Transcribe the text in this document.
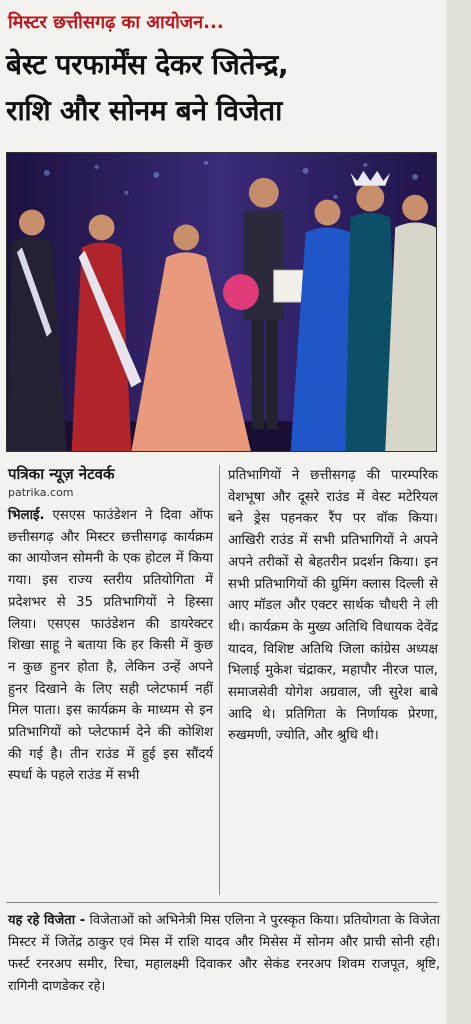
मिस्टर छत्तीसगढ़ का आयोजन...
बेस्ट परफार्मेंस देकर जितेन्द्र,
राशि और सोनम बने विजेता
पत्रिका न्यूज़ नेटवर्क
patrika.com
भिलाई. एसएस फाउंडेशन ने दिवा ऑफ छत्तीसगढ़ और मिस्टर छत्तीसगढ़ कार्यक्रम का आयोजन सोमनी के एक होटल में किया गया। इस राज्य स्तरीय प्रतियोगिता में प्रदेशभर से 35 प्रतिभागियों ने हिस्सा लिया। एसएस फाउंडेशन की डायरेक्टर शिखा साहू ने बताया कि हर किसी में कुछ न कुछ हुनर होता है, लेकिन उन्हें अपने हुनर दिखाने के लिए सही प्लेटफार्म नहीं मिल पाता। इस कार्यक्रम के माध्यम से इन प्रतिभागियों को प्लेटफार्म देने की कोशिश की गई है। तीन राउंड में हुई इस सौंदर्य स्पर्धा के पहले राउंड में सभी
प्रतिभागियों ने छत्तीसगढ़ की पारम्परिक वेशभूषा और दूसरे राउंड में वेस्ट मटेरियल बने ड्रेस पहनकर रैंप पर वॉक किया। आखिरी राउंड में सभी प्रतिभागियों ने अपने अपने तरीकों से बेहतरीन प्रदर्शन किया। इन सभी प्रतिभागियों की ग्रुमिंग क्लास दिल्ली से आए मॉडल और एक्टर सार्थक चौधरी ने ली थी। कार्यक्रम के मुख्य अतिथि विधायक देवेंद्र यादव, विशिष्ट अतिथि जिला कांग्रेस अध्यक्ष भिलाई मुकेश चंद्राकर, महापौर नीरज पाल, समाजसेवी योगेश अग्रवाल, जी सुरेश बाबे आदि थे। प्रतिगिता के निर्णायक प्रेरणा, रुखमणी, ज्योति, और श्रुधि थी।
यह रहे विजेता - विजेताओं को अभिनेत्री मिस एलिना ने पुरस्कृत किया। प्रतियोगता के विजेता मिस्टर में जितेंद्र ठाकुर एवं मिस में राशि यादव और मिसेस में सोनम और प्राची सोनी रही। फर्स्ट रनरअप समीर, रिचा, महालक्ष्मी दिवाकर और सेकंड रनरअप शिवम राजपूत, श्रृष्टि, रागिनी दाणडेकर रहे।
